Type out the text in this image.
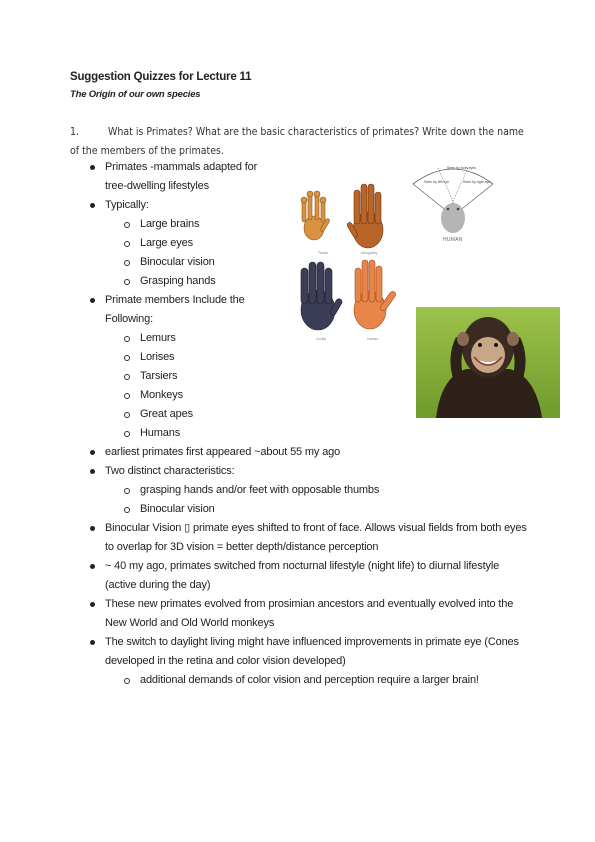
Suggestion Quizzes for Lecture 11
The Origin of our own species
1.	What is Primates? What are the basic characteristics of primates? Write down the name of the members of the primates.
Primates -mammals adapted for
tree-dwelling lifestyles
Typically:
Large brains
Large eyes
Binocular vision
Grasping hands
Primate members Include the
Following:
Lemurs
Lorises
Tarsiers
Monkeys
Great apes
Humans
earliest primates first appeared ~about 55 my ago
Two distinct characteristics:
grasping hands and/or feet with opposable thumbs
Binocular vision
Binocular Vision ▯ primate eyes shifted to front of face. Allows visual fields from both eyes to overlap for 3D vision = better depth/distance perception
~ 40 my ago, primates switched from nocturnal lifestyle (night life) to diurnal lifestyle (active during the day)
These new primates evolved from prosimian ancestors and eventually evolved into the New World and Old World monkeys
The switch to daylight living might have influenced improvements in primate eye (Cones developed in the retina and color vision developed)
additional demands of color vision and perception require a larger brain!
Tarsier	Mangabey
Gorilla	Human
Seen by both eyes
Seen by left eye	Seen by right eye
HUMAN
